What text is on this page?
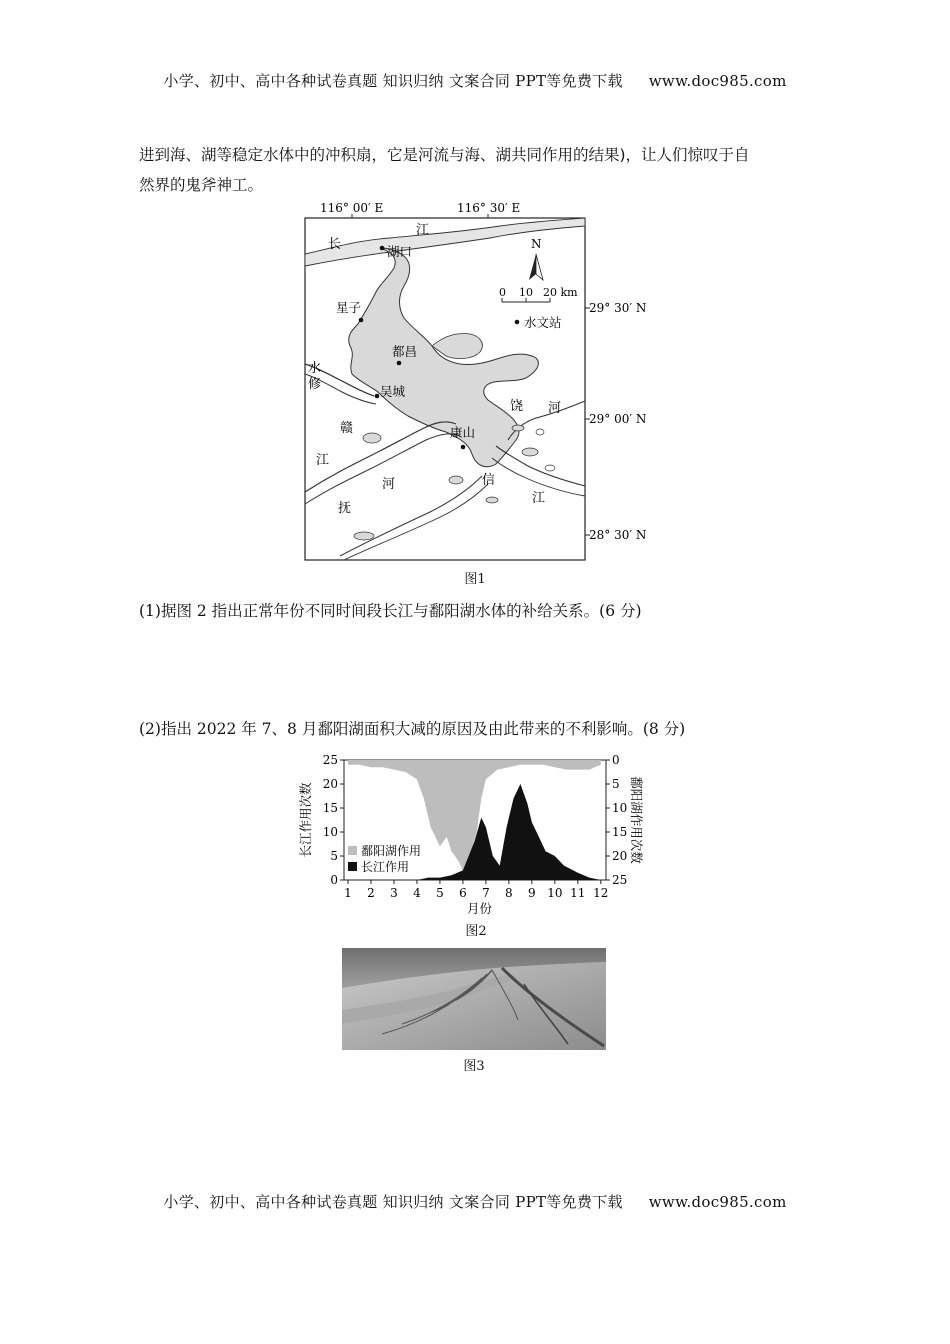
小学、初中、高中各种试卷真题 知识归纳 文案合同 PPT等免费下载 www.doc985.com
进到海、湖等稳定水体中的冲积扇，它是河流与海、湖共同作用的结果)，让人们惊叹于自
然界的鬼斧神工。
116° 00′ E	116° 30′ E
29° 30′ N
29° 00′ N
28° 30′ N
N
0 10 20 km
水文站
湖口
星子
都昌
吴城
康山
长
江
水
修
赣
江
饶 河
抚
河	信
江
图1
(1)据图 2 指出正常年份不同时间段长江与鄱阳湖水体的补给关系。(6 分)
(2)指出 2022 年 7、8 月鄱阳湖面积大减的原因及由此带来的不利影响。(8 分)
0
5
10
15
20
25	0
5
10
15
20
25
1 2 3 4 5 6 7 8 9 10 11 12
长江作用次数	鄱阳湖作用次数
月份
鄱阳湖作用
长江作用
图2
图3
小学、初中、高中各种试卷真题 知识归纳 文案合同 PPT等免费下载 www.doc985.com
